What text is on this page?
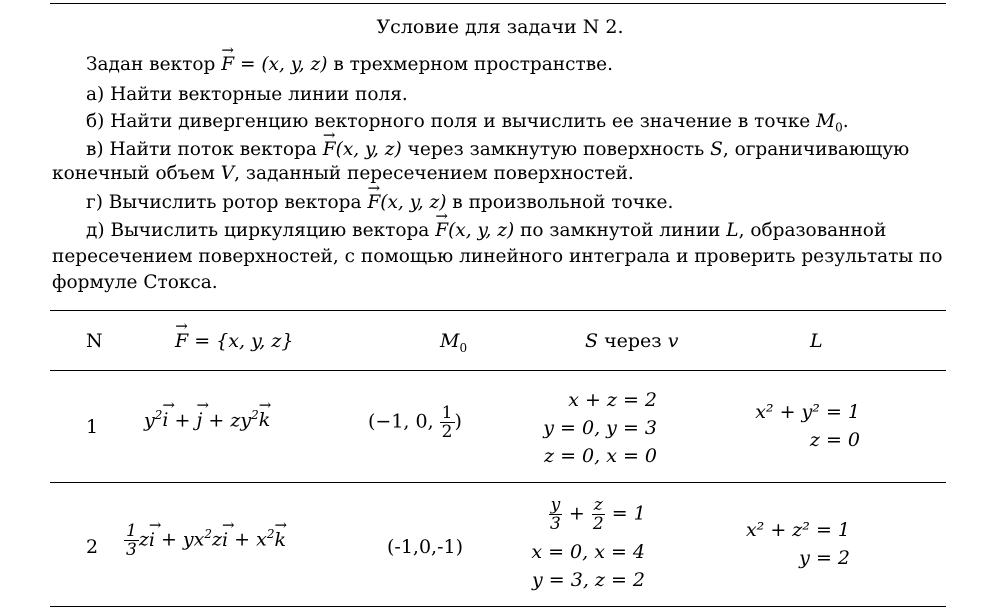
Условие для задачи N 2.
Задан вектор → F = (x, y, z) в трехмерном пространстве.
а) Найти векторные линии поля.
б) Найти дивергенцию векторного поля и вычислить ее значение в точке $M_0$.
в) Найти поток вектора → F(x, y, z) через замкнутую поверхность S, ограничивающую
конечный объем V, заданный пересечением поверхностей.
г) Вычислить ротор вектора → F(x, y, z) в произвольной точке.
д) Вычислить циркуляцию вектора → F(x, y, z) по замкнутой линии L, образованной
пересечением поверхностей, с помощью линейного интеграла и проверить результаты по
формуле Стокса.
N
→	F = {x, y, z}	$M_0$	S через v	L
1 $y^2\to i$ + → $j + zy^2\to k$	(−1, 0, $\frac{1}{2}$ )
x + z = 2
y = 0, y = 3
z = 0, x = 0
x² + y² = 1
z = 0
$2 \frac{1}{3} z\to i + yx^2z\to i + x^2\to k$	(-1,0,-1)
$\frac{y}{3} + \frac{z}{2} = 1$
x = 0, x = 4
y = 3, z = 2
x² + z² = 1
y = 2
